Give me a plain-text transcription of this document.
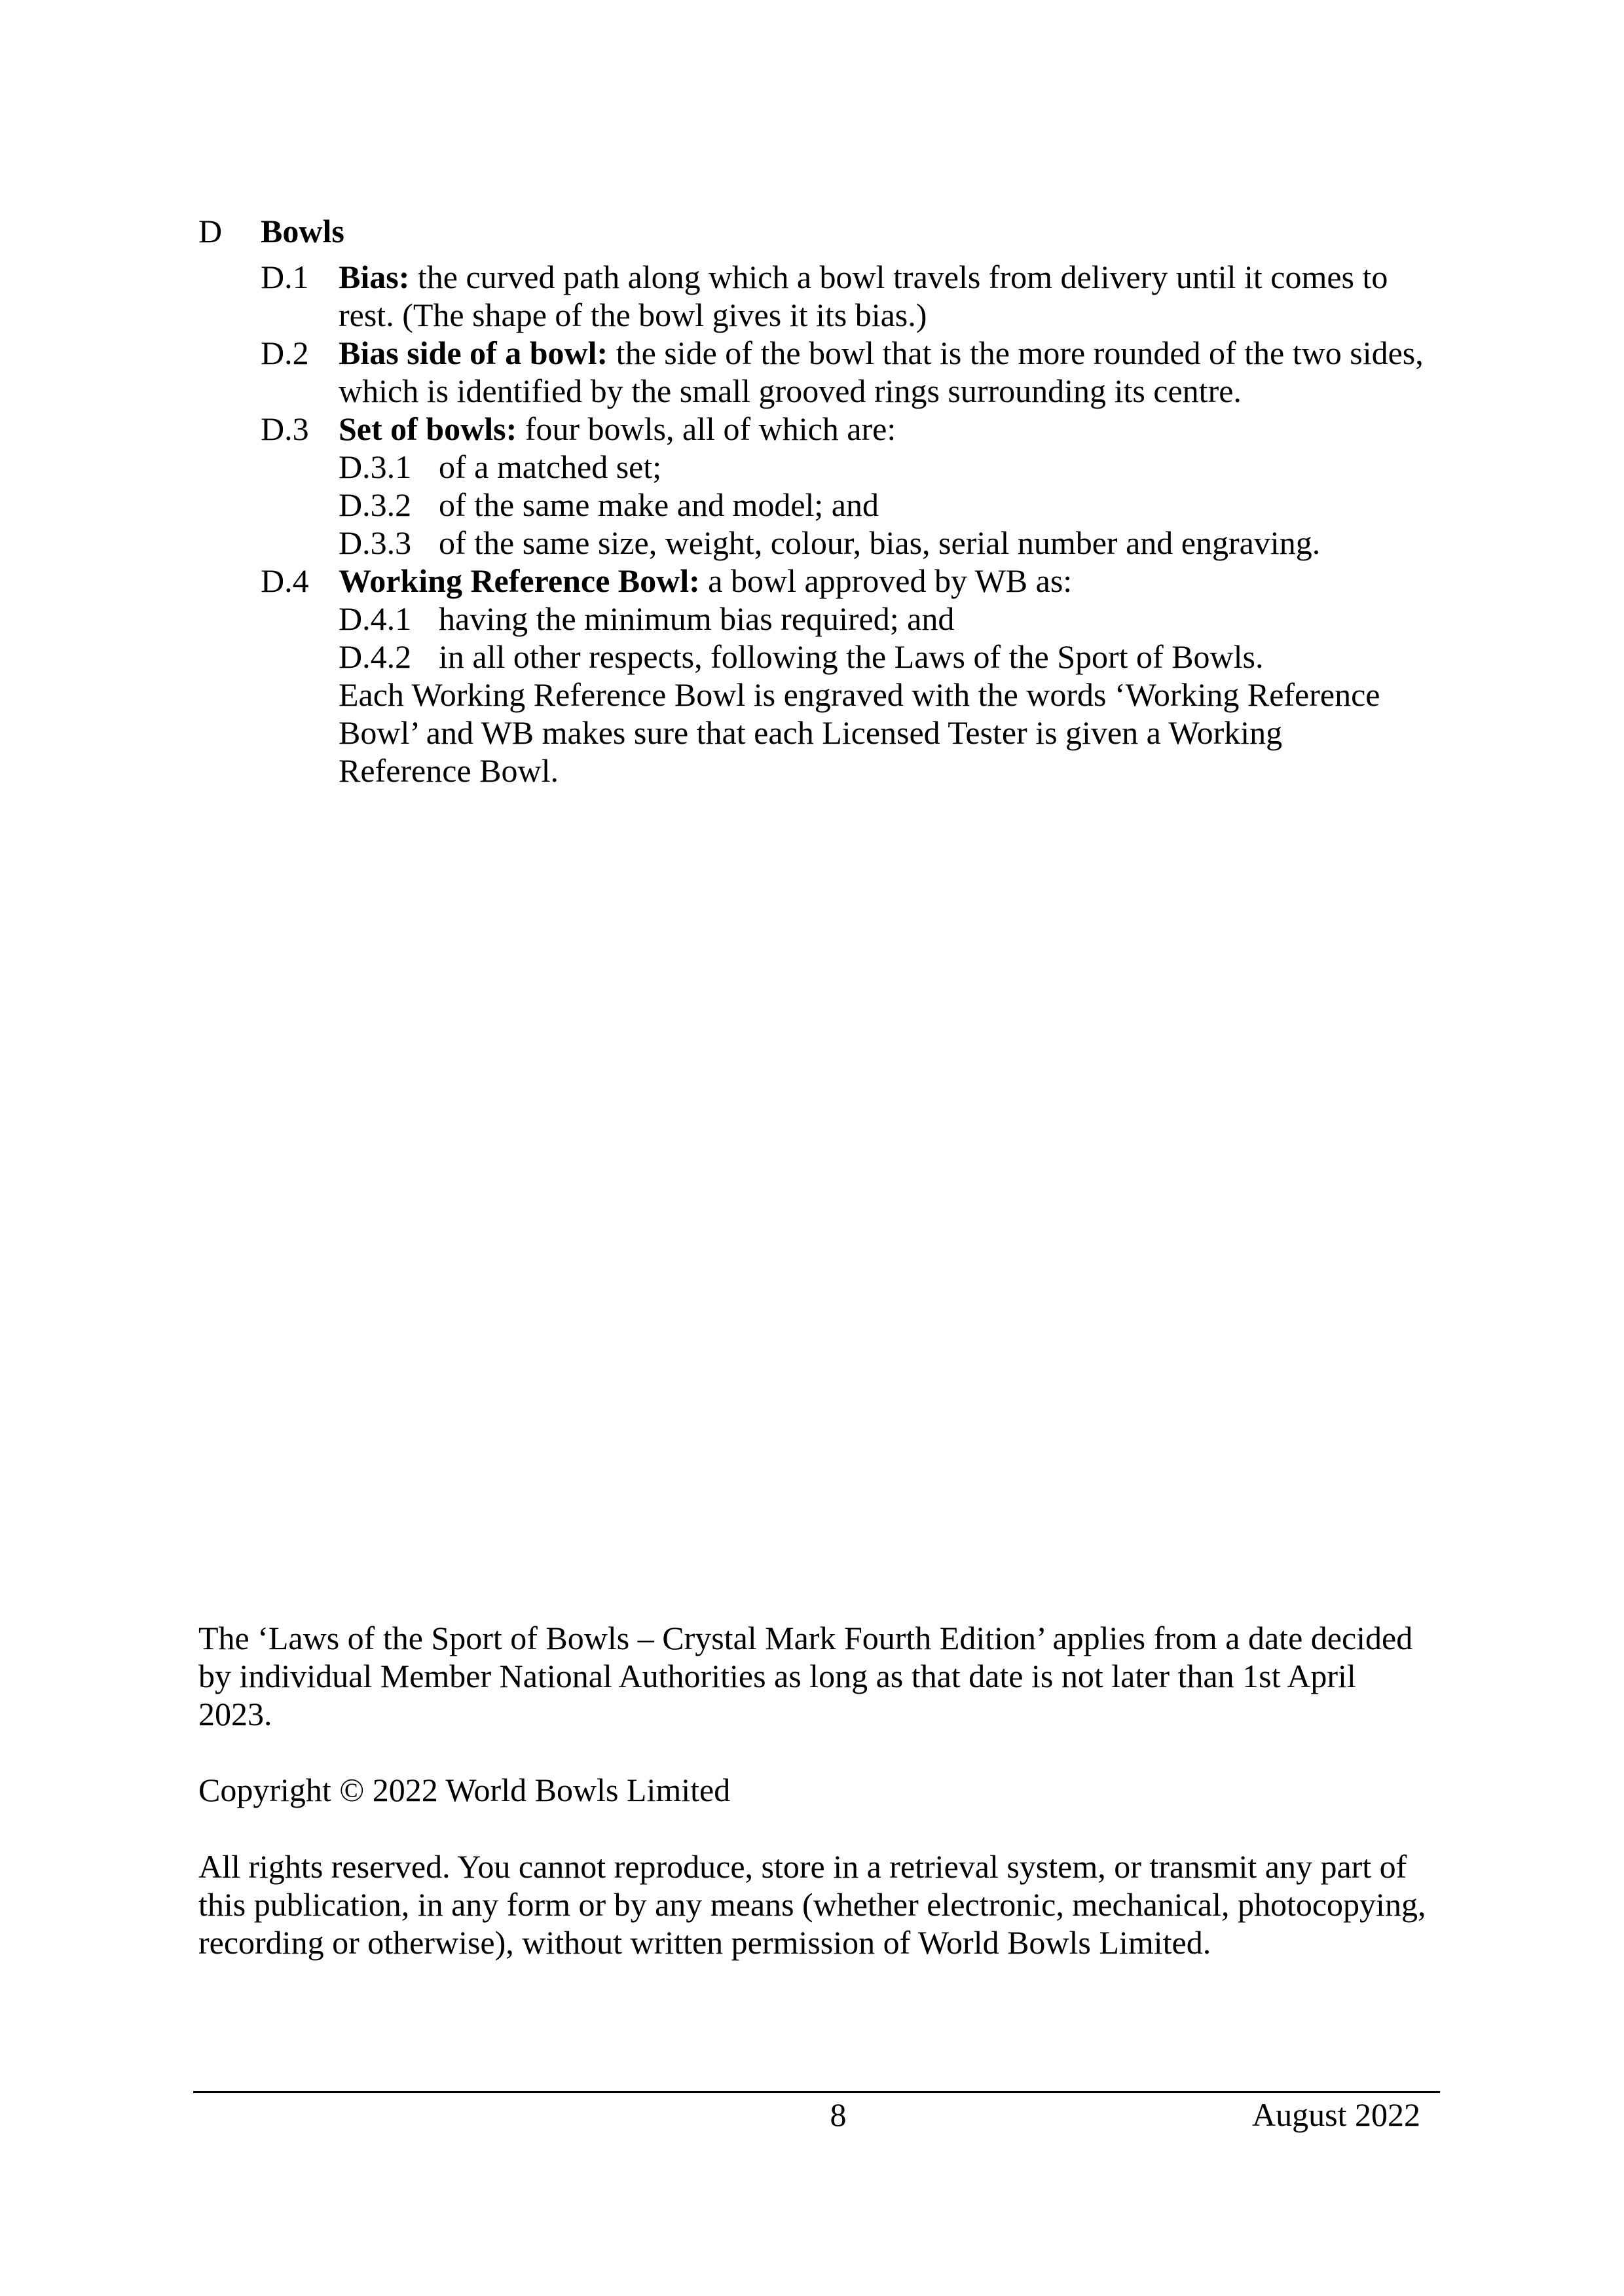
D Bowls
D.1 Bias: the curved path along which a bowl travels from delivery until it comes to
rest. (The shape of the bowl gives it its bias.)
D.2 Bias side of a bowl: the side of the bowl that is the more rounded of the two sides,
which is identified by the small grooved rings surrounding its centre.
D.3 Set of bowls: four bowls, all of which are:
D.3.1 of a matched set;
D.3.2 of the same make and model; and
D.3.3 of the same size, weight, colour, bias, serial number and engraving.
D.4 Working Reference Bowl: a bowl approved by WB as:
D.4.1 having the minimum bias required; and
D.4.2 in all other respects, following the Laws of the Sport of Bowls.
Each Working Reference Bowl is engraved with the words ‘Working Reference
Bowl’ and WB makes sure that each Licensed Tester is given a Working
Reference Bowl.
The ‘Laws of the Sport of Bowls – Crystal Mark Fourth Edition’ applies from a date decided
by individual Member National Authorities as long as that date is not later than 1st April
2023.
Copyright © 2022 World Bowls Limited
All rights reserved. You cannot reproduce, store in a retrieval system, or transmit any part of
this publication, in any form or by any means (whether electronic, mechanical, photocopying,
recording or otherwise), without written permission of World Bowls Limited.
8	August 2022
